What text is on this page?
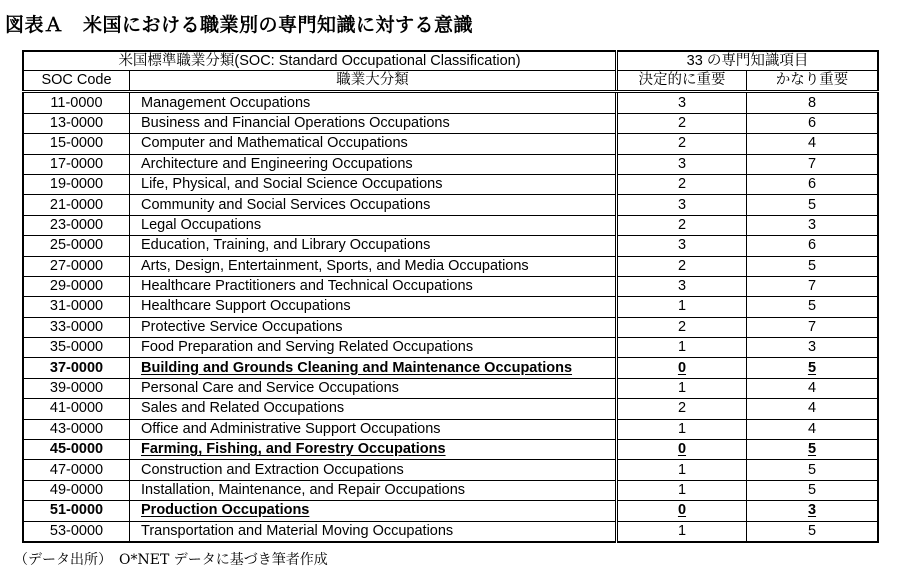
図表Ａ　米国における職業別の専門知識に対する意識
米国標準職業分類(SOC: Standard Occupational Classification)		33 の専門知識項目	
SOC Code	職業大分類	決定的に重要	かなり重要
11-0000	Management Occupations	3	8
13-0000	Business and Financial Operations Occupations	2	6
15-0000	Computer and Mathematical Occupations	2	4
17-0000	Architecture and Engineering Occupations	3	7
19-0000	Life, Physical, and Social Science Occupations	2	6
21-0000	Community and Social Services Occupations	3	5
23-0000	Legal Occupations	2	3
25-0000	Education, Training, and Library Occupations	3	6
27-0000	Arts, Design, Entertainment, Sports, and Media Occupations	2	5
29-0000	Healthcare Practitioners and Technical Occupations	3	7
31-0000	Healthcare Support Occupations	1	5
33-0000	Protective Service Occupations	2	7
35-0000	Food Preparation and Serving Related Occupations	1	3
37-0000	Building and Grounds Cleaning and Maintenance Occupations	0	5
39-0000	Personal Care and Service Occupations	1	4
41-0000	Sales and Related Occupations	2	4
43-0000	Office and Administrative Support Occupations	1	4
45-0000	Farming, Fishing, and Forestry Occupations	0	5
47-0000	Construction and Extraction Occupations	1	5
49-0000	Installation, Maintenance, and Repair Occupations	1	5
51-0000	Production Occupations	0	3
53-0000	Transportation and Material Moving Occupations	1	5
（データ出所）　O*NET データに基づき筆者作成
